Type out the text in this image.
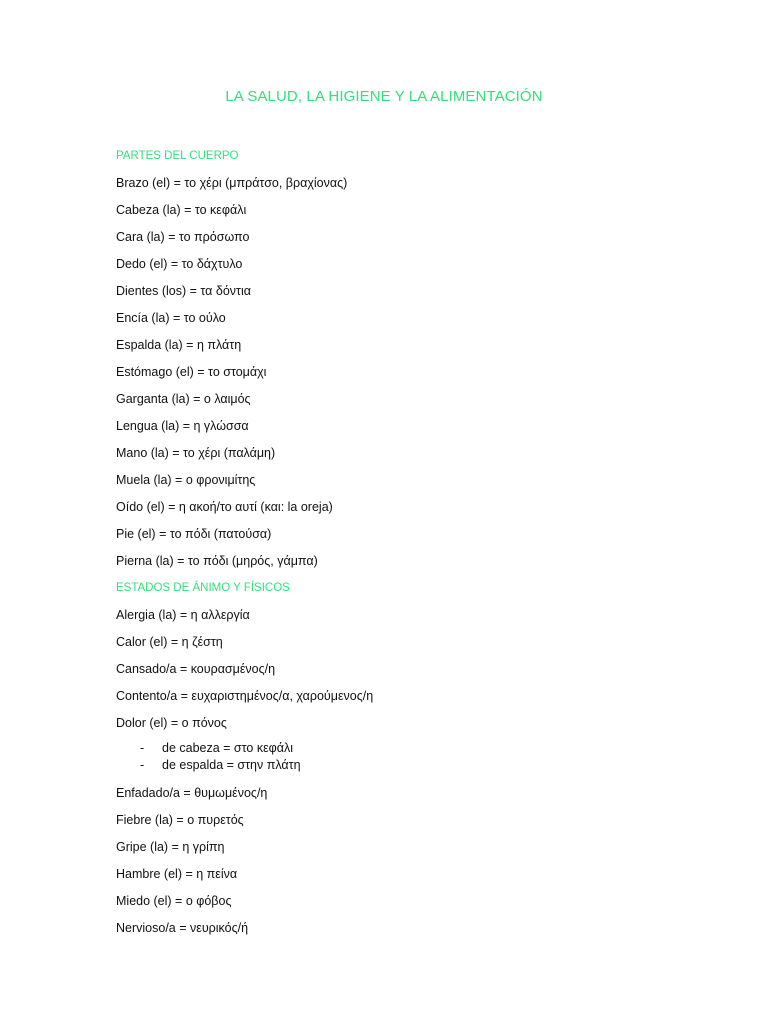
LA SALUD, LA HIGIENE Y LA ALIMENTACIÓN
PARTES DEL CUERPO
Brazo (el) = το χέρι (μπράτσο, βραχίονας)
Cabeza (la) = το κεφάλι
Cara (la) = το πρόσωπο
Dedo (el) = το δάχτυλο
Dientes (los) = τα δόντια
Encía (la) = το ούλο
Espalda (la) = η πλάτη
Estómago (el) = το στομάχι
Garganta (la) = ο λαιμός
Lengua (la) = η γλώσσα
Mano (la) = το χέρι (παλάμη)
Muela (la) = ο φρονιμίτης
Oído (el) = η ακοή/το αυτί (και: la oreja)
Pie (el) = το πόδι (πατούσα)
Pierna (la) = το πόδι (μηρός, γάμπα)
ESTADOS DE ÁNIMO Y FÍSICOS
Alergia (la) = η αλλεργία
Calor (el) = η ζέστη
Cansado/a = κουρασμένος/η
Contento/a = ευχαριστημένος/α, χαρούμενος/η
Dolor (el) = ο πόνος
- de cabeza = στο κεφάλι
- de espalda = στην πλάτη
Enfadado/a = θυμωμένος/η
Fiebre (la) = ο πυρετός
Gripe (la) = η γρίπη
Hambre (el) = η πείνα
Miedo (el) = ο φόβος
Nervioso/a = νευρικός/ή
